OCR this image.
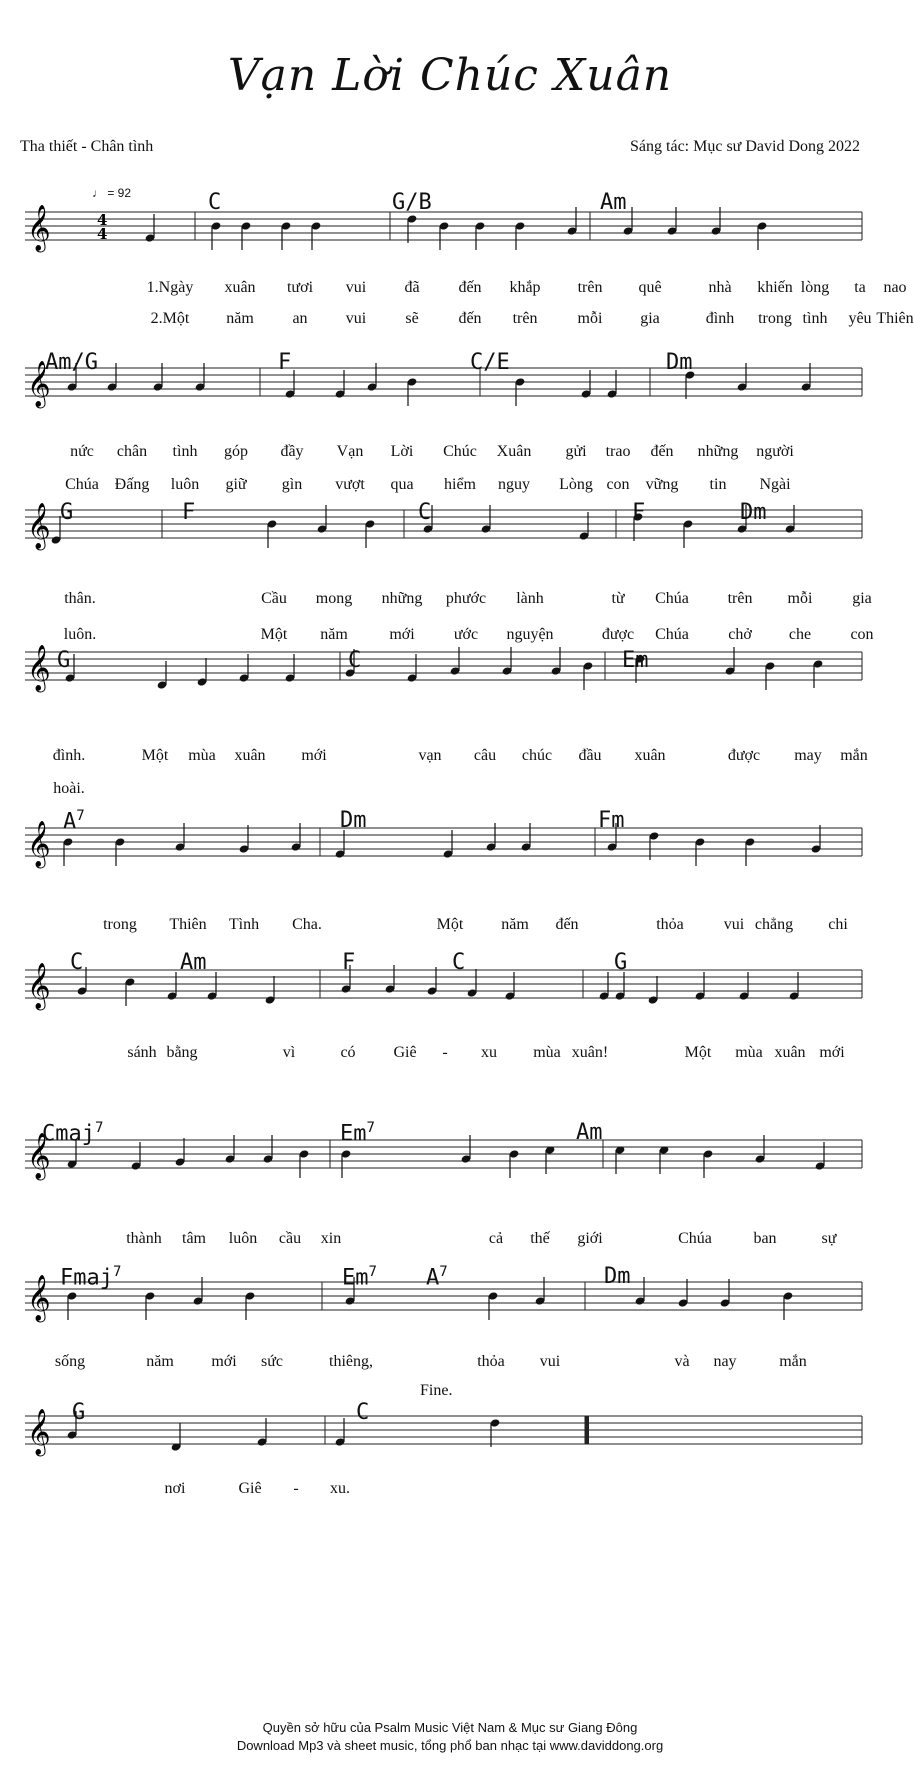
Vạn Lời Chúc Xuân
Tha thiết - Chân tình	Sáng tác: Mục sư David Dong 2022
♩ = 92
Fine.
𝄞	4
4
C	G/B	Am
1.Ngày xuân tươi vui đã đến khắp trên quê	nhà khiến lòng ta nao
2.Một năm an vui sẽ đến trên	mỗi gia	đình trong tình yêu Thiên
𝄞
Am/G	F	C/E	Dm
nức chân tình góp đầy Vạn Lời Chúc Xuân gửi trao đến những người
Chúa Đấng luôn giữ gìn vượt qua hiểm nguy Lòng con vững tin Ngài
𝄞 G	F	C	F	Dm
thân.	Cầu mong những phước lành	từ Chúa trên mỗi gia
luôn.	Một năm	mới ước nguyện	được Chúa chở che con
𝄞 G	C	Em
đình.	Một mùa xuân mới	vạn câu chúc đầu xuân	được may mắn
hoài.
𝄞 $A^7$	Dm	Fm
trong Thiên Tình Cha.	Một năm đến	thỏa	vui chẳng chi
𝄞
C	Am	F	C	G
sánh bằng	vì	có Giê - xu mùa xuân!	Một mùa xuân mới
𝄞
Cmaj$^7$	Em$^7$	Am
thành tâm luôn cầu xin	cả thế giới	Chúa	ban	sự
𝄞 Fmaj$^7$	Em$^7$ $A^7$	Dm
sống	năm mới sức	thiêng,	thỏa vui	và nay	mắn
𝄞 G	C
nơi	Giê - xu.
Quyền sở hữu của Psalm Music Việt Nam & Mục sư Giang Đông
Download Mp3 và sheet music, tổng phổ ban nhạc tại www.daviddong.org
